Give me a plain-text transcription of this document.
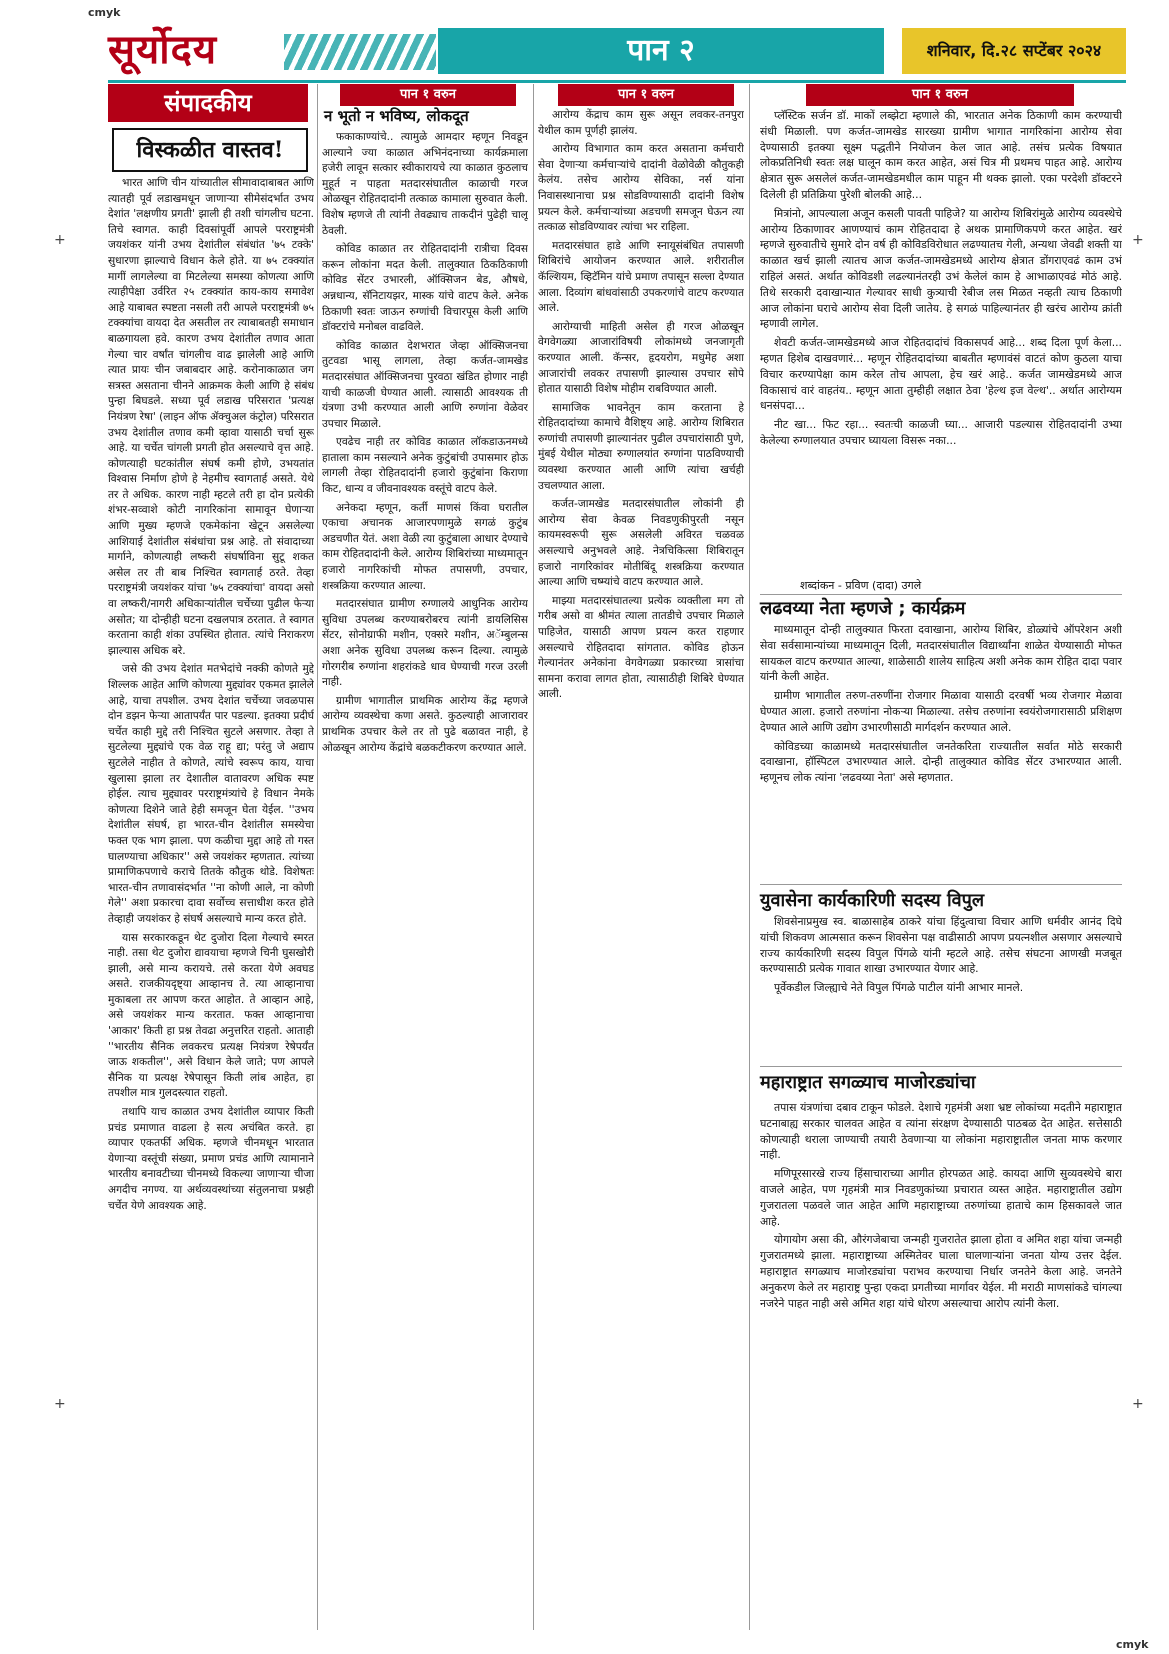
cmyk
cmyk
+
+
+
+
सूर्योदय	पान २	शनिवार, दि.२८ सप्टेंबर २०२४
संपादकीय
विस्कळीत वास्तव!

भारत आणि चीन यांच्यातील सीमावादाबाबत आणि त्यातही पूर्व लडाखमधून जाणाऱ्या सीमेसंदर्भात उभय देशांत 'लक्षणीय प्रगती' झाली ही तशी चांगलीच घटना. तिचे स्वागत. काही दिवसांपूर्वी आपले परराष्ट्रमंत्री जयशंकर यांनी उभय देशांतील संबंधांत '७५ टक्के' सुधारणा झाल्याचे विधान केले होते. या ७५ टक्क्यांत मागीं लागलेल्या वा मिटलेल्या समस्या कोणत्या आणि त्याहीपेक्षा उर्वरित २५ टक्क्यांत काय-काय समावेश आहे याबाबत स्पष्टता नसली तरी आपले परराष्ट्रमंत्री ७५ टक्क्यांचा वायदा देत असतील तर त्याबाबतही समाधान बाळगायला हवे. कारण उभय देशांतील तणाव आता गेल्या चार वर्षांत चांगलीच वाढ झालेली आहे आणि त्यात प्रायः चीन जबाबदार आहे. करोनाकाळात जग सत्रस्त असताना चीनने आक्रमक केली आणि हे संबंध पुन्हा बिघडले. सध्या पूर्व लडाख परिसरात 'प्रत्यक्ष नियंत्रण रेषा' (लाइन ऑफ ॲक्चुअल कंट्रोल) परिसरात उभय देशांतील तणाव कमी व्हावा यासाठी चर्चा सुरू आहे. या चर्चेत चांगली प्रगती होत असल्याचे वृत्त आहे. कोणत्याही घटकांतील संघर्ष कमी होणे, उभयतांत विश्वास निर्माण होणे हे नेहमीच स्वागतार्ह असते. येथे तर ते अधिक. कारण नाही म्हटले तरी हा दोन प्रत्येकी शंभर-सव्वाशे कोटी नागरिकांना सामावून घेणाऱ्या आणि मुख्य म्हणजे एकमेकांना खेटून असलेल्या आशियाई देशांतील संबंधांचा प्रश्न आहे. तो संवादाच्या मार्गाने, कोणत्याही लष्करी संघर्षाविना सुटू शकत असेल तर ती बाब निश्चित स्वागतार्ह ठरते. तेव्हा परराष्ट्रमंत्री जयशंकर यांचा '७५ टक्क्यांचा' वायदा असो वा लष्करी/नागरी अधिकाऱ्यांतील चर्चेच्या पुढील फेऱ्या असोत; या दोन्हीही घटना दखलपात्र ठरतात. ते स्वागत करताना काही शंका उपस्थित होतात. त्यांचे निराकरण झाल्यास अधिक बरे.

जसे की उभय देशांत मतभेदांचे नक्की कोणते मुद्दे शिल्लक आहेत आणि कोणत्या मुद्द्यांवर एकमत झालेले आहे, याचा तपशील. उभय देशांत चर्चेच्या जवळपास दोन डझन फेऱ्या आतापर्यंत पार पडल्या. इतक्या प्रदीर्घ चर्चेत काही मुद्दे तरी निश्चित सुटले असणार. तेव्हा ते सुटलेल्या मुद्द्यांचे एक वेळ राहू द्या; परंतु जे अद्याप सुटलेले नाहीत ते कोणते, त्यांचे स्वरूप काय, याचा खुलासा झाला तर देशातील वातावरण अधिक स्पष्ट होईल. त्याच मुद्द्यावर परराष्ट्रमंत्र्यांचे हे विधान नेमके कोणत्या दिशेने जाते हेही समजून घेता येईल. ''उभय देशांतील संघर्ष, हा भारत-चीन देशांतील समस्येचा फक्त एक भाग झाला. पण कळीचा मुद्दा आहे तो गस्त घालण्याचा अधिकार'' असे जयशंकर म्हणतात. त्यांच्या प्रामाणिकपणाचे कराचे तितके कौतुक थोडे. विशेषतः भारत-चीन तणावासंदर्भात ''ना कोणी आले, ना कोणी गेले'' अशा प्रकारचा दावा सर्वोच्च सत्ताधीश करत होते तेव्हाही जयशंकर हे संघर्ष असल्याचे मान्य करत होते.

यास सरकारकडून थेट दुजोरा दिला गेल्याचे स्मरत नाही. तसा थेट दुजोरा द्यावयाचा म्हणजे चिनी घुसखोरी झाली, असे मान्य करायचे. तसे करता येणे अवघड असते. राजकीयदृष्ट्या आव्हानच ते. त्या आव्हानाचा मुकाबला तर आपण करत आहोत. ते आव्हान आहे, असे जयशंकर मान्य करतात. फक्त आव्हानाचा 'आकार' किती हा प्रश्न तेवढा अनुत्तरित राहतो. आताही ''भारतीय सैनिक लवकरच प्रत्यक्ष नियंत्रण रेषेपर्यंत जाऊ शकतील'', असे विधान केले जाते; पण आपले सैनिक या प्रत्यक्ष रेषेपासून किती लांब आहेत, हा तपशील मात्र गुलदस्त्यात राहतो.

तथापि याच काळात उभय देशांतील व्यापार किती प्रचंड प्रमाणात वाढला हे सत्य अचंबित करते. हा व्यापार एकतर्फी अधिक. म्हणजे चीनमधून भारतात येणाऱ्या वस्तूंची संख्या, प्रमाण प्रचंड आणि त्यामानाने भारतीय बनावटीच्या चीनमध्ये विकल्या जाणाऱ्या चीजा अगदीच नगण्य. या अर्थव्यवस्थांच्या संतुलनाचा प्रश्नही चर्चेत येणे आवश्यक आहे.

पान १ वरुन	पान १ वरुन	पान १ वरुन
न भूतो न भविष्य, लोकदूत

फकाकाण्यांचे.. त्यामुळे आमदार म्हणून निवडून आल्याने ज्या काळात अभिनंदनाच्या कार्यक्रमाला हजेरी लावून सत्कार स्वीकारायचे त्या काळात कुठलाच मुहूर्त न पाहता मतदारसंघातील काळाची गरज ओळखून रोहितदादांनी तत्काळ कामाला सुरुवात केली. विशेष म्हणजे ती त्यांनी तेवढ्याच ताकदीनं पुढेही चालू ठेवली.

कोविड काळात तर रोहितदादांनी रात्रीचा दिवस करून लोकांना मदत केली. तालुक्यात ठिकठिकाणी कोविड सेंटर उभारली, ऑक्सिजन बेड, औषधे, अन्नधान्य, सॅनिटायझर, मास्क यांचे वाटप केले. अनेक ठिकाणी स्वतः जाऊन रुग्णांची विचारपूस केली आणि डॉक्टरांचे मनोबल वाढविले.

कोविड काळात देशभरात जेव्हा ऑक्सिजनचा तुटवडा भासू लागला, तेव्हा कर्जत-जामखेड मतदारसंघात ऑक्सिजनचा पुरवठा खंडित होणार नाही याची काळजी घेण्यात आली. त्यासाठी आवश्यक ती यंत्रणा उभी करण्यात आली आणि रुग्णांना वेळेवर उपचार मिळाले.

एवढेच नाही तर कोविड काळात लॉकडाऊनमध्ये हाताला काम नसल्याने अनेक कुटुंबांची उपासमार होऊ लागली तेव्हा रोहितदादांनी हजारो कुटुंबांना किराणा किट, धान्य व जीवनावश्यक वस्तूंचे वाटप केले.

अनेकदा म्हणून, कर्ती माणसं किंवा घरातील एकाचा अचानक आजारपणामुळे सगळं कुटुंब अडचणीत येतं. अशा वेळी त्या कुटुंबाला आधार देण्याचे काम रोहितदादांनी केले. आरोग्य शिबिरांच्या माध्यमातून हजारो नागरिकांची मोफत तपासणी, उपचार, शस्त्रक्रिया करण्यात आल्या.

मतदारसंघात ग्रामीण रुग्णालये आधुनिक आरोग्य सुविधा उपलब्ध करण्याबरोबरच त्यांनी डायलिसिस सेंटर, सोनोग्राफी मशीन, एक्सरे मशीन, अॅम्बुलन्स अशा अनेक सुविधा उपलब्ध करून दिल्या. त्यामुळे गोरगरीब रुग्णांना शहरांकडे धाव घेण्याची गरज उरली नाही.

ग्रामीण भागातील प्राथमिक आरोग्य केंद्र म्हणजे आरोग्य व्यवस्थेचा कणा असते. कुठल्याही आजारावर प्राथमिक उपचार केले तर तो पुढे बळावत नाही, हे ओळखून आरोग्य केंद्रांचे बळकटीकरण करण्यात आले.

आरोग्य केंद्राच काम सुरू असून लवकर-तनपुरा येथील काम पूर्णही झालंय.

आरोग्य विभागात काम करत असताना कर्मचारी सेवा देणाऱ्या कर्मचाऱ्यांचे दादांनी वेळोवेळी कौतुकही केलंय. तसेच आरोग्य सेविका, नर्स यांना निवासस्थानाचा प्रश्न सोडविण्यासाठी दादांनी विशेष प्रयत्न केले. कर्मचाऱ्यांच्या अडचणी समजून घेऊन त्या तत्काळ सोडविण्यावर त्यांचा भर राहिला.

मतदारसंघात हाडे आणि स्नायूसंबंधित तपासणी शिबिरांचे आयोजन करण्यात आले. शरीरातील कॅल्शियम, व्हिटॅमिन यांचे प्रमाण तपासून सल्ला देण्यात आला. दिव्यांग बांधवांसाठी उपकरणांचे वाटप करण्यात आले.

आरोग्याची माहिती असेल ही गरज ओळखून वेगवेगळ्या आजारांविषयी लोकांमध्ये जनजागृती करण्यात आली. कॅन्सर, हृदयरोग, मधुमेह अशा आजारांची लवकर तपासणी झाल्यास उपचार सोपे होतात यासाठी विशेष मोहीम राबविण्यात आली.

सामाजिक भावनेतून काम करताना हे रोहितदादांच्या कामाचे वैशिष्ट्य आहे. आरोग्य शिबिरात रुग्णांची तपासणी झाल्यानंतर पुढील उपचारांसाठी पुणे, मुंबई येथील मोठ्या रुग्णालयांत रुग्णांना पाठविण्याची व्यवस्था करण्यात आली आणि त्यांचा खर्चही उचलण्यात आला.

कर्जत-जामखेड मतदारसंघातील लोकांनी ही आरोग्य सेवा केवळ निवडणुकीपुरती नसून कायमस्वरूपी सुरू असलेली अविरत चळवळ असल्याचे अनुभवले आहे. नेत्रचिकित्सा शिबिरातून हजारो नागरिकांवर मोतीबिंदू शस्त्रक्रिया करण्यात आल्या आणि चष्म्यांचे वाटप करण्यात आले.

माझ्या मतदारसंघातल्या प्रत्येक व्यक्तीला मग तो गरीब असो वा श्रीमंत त्याला तातडीचे उपचार मिळाले पाहिजेत, यासाठी आपण प्रयत्न करत राहणार असल्याचे रोहितदादा सांगतात. कोविड होऊन गेल्यानंतर अनेकांना वेगवेगळ्या प्रकारच्या त्रासांचा सामना करावा लागत होता, त्यासाठीही शिबिरे घेण्यात आली.

प्लॅस्टिक सर्जन डॉ. माकों लब्झेटा म्हणाले की, भारतात अनेक ठिकाणी काम करण्याची संधी मिळाली. पण कर्जत-जामखेड सारख्या ग्रामीण भागात नागरिकांना आरोग्य सेवा देण्यासाठी इतक्या सूक्ष्म पद्धतीने नियोजन केल जात आहे. तसंच प्रत्येक विषयात लोकप्रतिनिधी स्वतः लक्ष घालून काम करत आहेत, असं चित्र मी प्रथमच पाहत आहे. आरोग्य क्षेत्रात सुरू असलेलं कर्जत-जामखेडमधील काम पाहून मी थक्क झालो. एका परदेशी डॉक्टरने दिलेली ही प्रतिक्रिया पुरेशी बोलकी आहे...

मित्रांनो, आपल्याला अजून कसली पावती पाहिजे? या आरोग्य शिबिरांमुळे आरोग्य व्यवस्थेचे आरोग्य ठिकाणावर आणण्याचं काम रोहितदादा हे अथक प्रामाणिकपणे करत आहेत. खरं म्हणजे सुरुवातीचे सुमारे दोन वर्ष ही कोविडविरोधात लढण्यातच गेली, अन्यथा जेवढी शक्ती या काळात खर्च झाली त्यातच आज कर्जत-जामखेडमध्ये आरोग्य क्षेत्रात डोंगराएवढं काम उभं राहिलं असतं. अर्थात कोविडशी लढल्यानंतरही उभं केलेलं काम हे आभाळाएवढं मोठं आहे. तिथे सरकारी दवाखान्यात गेल्यावर साधी कुत्र्याची रेबीज लस मिळत नव्हती त्याच ठिकाणी आज लोकांना घराचे आरोग्य सेवा दिली जातेय. हे सगळं पाहिल्यानंतर ही खरंच आरोग्य क्रांती म्हणावी लागेल.

शेवटी कर्जत-जामखेडमध्ये आज रोहितदादांचं विकासपर्व आहे... शब्द दिला पूर्ण केला... म्हणत हिशेब दाखवणारं... म्हणून रोहितदादांच्या बाबतीत म्हणावंसं वाटतं कोण कुठला याचा विचार करण्यापेक्षा काम करेल तोच आपला, हेच खरं आहे.. कर्जत जामखेडमध्ये आज विकासाचं वारं वाहतंय.. म्हणून आता तुम्हीही लक्षात ठेवा 'हेल्थ इज वेल्थ'.. अर्थात आरोग्यम धनसंपदा...

नीट खा... फिट रहा... स्वतःची काळजी घ्या... आजारी पडल्यास रोहितदादांनी उभ्या केलेल्या रुग्णालयात उपचार घ्यायला विसरू नका...

शब्दांकन - प्रविण (दादा) उगले
लढवय्या नेता म्हणजे ; कार्यक्रम

माध्यमातून दोन्ही तालुक्यात फिरता दवाखाना, आरोग्य शिबिर, डोळ्यांचे ऑपरेशन अशी सेवा सर्वसामान्यांच्या माध्यमातून दिली, मतदारसंघातील विद्यार्थ्यांना शाळेत येण्यासाठी मोफत सायकल वाटप करण्यात आल्या, शाळेसाठी शालेय साहित्य अशी अनेक काम रोहित दादा पवार यांनी केली आहेत.

ग्रामीण भागातील तरुण-तरुणींना रोजगार मिळावा यासाठी दरवर्षी भव्य रोजगार मेळावा घेण्यात आला. हजारो तरुणांना नोकऱ्या मिळाल्या. तसेच तरुणांना स्वयंरोजगारासाठी प्रशिक्षण देण्यात आले आणि उद्योग उभारणीसाठी मार्गदर्शन करण्यात आले.

कोविडच्या काळामध्ये मतदारसंघातील जनतेकरिता राज्यातील सर्वात मोठे सरकारी दवाखाना, हॉस्पिटल उभारण्यात आले. दोन्ही तालुक्यात कोविड सेंटर उभारण्यात आली. म्हणूनच लोक त्यांना 'लढवय्या नेता' असे म्हणतात.

युवासेना कार्यकारिणी सदस्य विपुल

शिवसेनाप्रमुख स्व. बाळासाहेब ठाकरे यांचा हिंदुत्वाचा विचार आणि धर्मवीर आनंद दिघे यांची शिकवण आत्मसात करून शिवसेना पक्ष वाढीसाठी आपण प्रयत्नशील असणार असल्याचे राज्य कार्यकारिणी सदस्य विपुल पिंगळे यांनी म्हटले आहे. तसेच संघटना आणखी मजबूत करण्यासाठी प्रत्येक गावात शाखा उभारण्यात येणार आहे.

पूर्वेकडील जिल्ह्याचे नेते विपुल पिंगळे पाटील यांनी आभार मानले.

महाराष्ट्रात सगळ्याच माजोरड्यांचा

तपास यंत्रणांचा दबाव टाकून फोडले. देशाचे गृहमंत्री अशा भ्रष्ट लोकांच्या मदतीने महाराष्ट्रात घटनाबाह्य सरकार चालवत आहेत व त्यांना संरक्षण देण्यासाठी पाठबळ देत आहेत. सत्तेसाठी कोणत्याही थराला जाण्याची तयारी ठेवणाऱ्या या लोकांना महाराष्ट्रातील जनता माफ करणार नाही.

मणिपूरसारखे राज्य हिंसाचाराच्या आगीत होरपळत आहे. कायदा आणि सुव्यवस्थेचे बारा वाजले आहेत, पण गृहमंत्री मात्र निवडणुकांच्या प्रचारात व्यस्त आहेत. महाराष्ट्रातील उद्योग गुजरातला पळवले जात आहेत आणि महाराष्ट्राच्या तरुणांच्या हाताचे काम हिसकावले जात आहे.

योगायोग असा की, औरंगजेबाचा जन्मही गुजरातेत झाला होता व अमित शहा यांचा जन्मही गुजरातमध्ये झाला. महाराष्ट्राच्या अस्मितेवर घाला घालणाऱ्यांना जनता योग्य उत्तर देईल. महाराष्ट्रात सगळ्याच माजोरड्यांचा पराभव करण्याचा निर्धार जनतेने केला आहे. जनतेने अनुकरण केले तर महाराष्ट्र पुन्हा एकदा प्रगतीच्या मार्गावर येईल. मी मराठी माणसांकडे चांगल्या नजरेने पाहत नाही असे अमित शहा यांचे धोरण असल्याचा आरोप त्यांनी केला.
